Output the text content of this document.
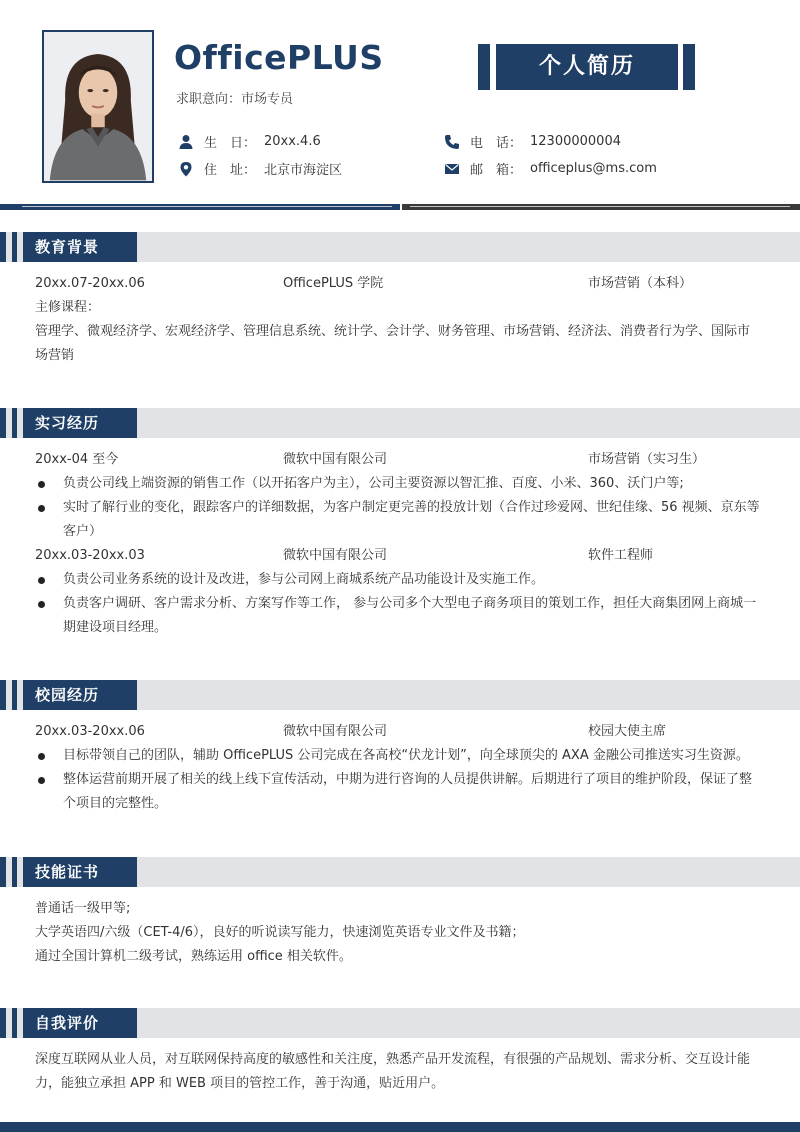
OfficePLUS
求职意向：市场专员
个人简历
生　日： 20xx.4.6
住　址： 北京市海淀区
电　话： 12300000004
邮　箱： officeplus@ms.com
教育背景
20xx.07-20xx.06	OfficePLUS 学院	市场营销（本科）
主修课程：
管理学、微观经济学、宏观经济学、管理信息系统、统计学、会计学、财务管理、市场营销、经济法、消费者行为学、国际市场营销
实习经历
20xx-04 至今	微软中国有限公司	市场营销（实习生）
负责公司线上端资源的销售工作（以开拓客户为主），公司主要资源以智汇推、百度、小米、360、沃门户等;
实时了解行业的变化，跟踪客户的详细数据，为客户制定更完善的投放计划（合作过珍爱网、世纪佳缘、56 视频、京东等客户）
20xx.03-20xx.03	微软中国有限公司	软件工程师
负责公司业务系统的设计及改进，参与公司网上商城系统产品功能设计及实施工作。
负责客户调研、客户需求分析、方案写作等工作， 参与公司多个大型电子商务项目的策划工作，担任大商集团网上商城一期建设项目经理。
校园经历
20xx.03-20xx.06	微软中国有限公司	校园大使主席
目标带领自己的团队，辅助 OfficePLUS 公司完成在各高校“伏龙计划”，向全球顶尖的 AXA 金融公司推送实习生资源。
整体运营前期开展了相关的线上线下宣传活动，中期为进行咨询的人员提供讲解。后期进行了项目的维护阶段，保证了整个项目的完整性。
技能证书
普通话一级甲等;
大学英语四/六级（CET-4/6），良好的听说读写能力，快速浏览英语专业文件及书籍；
通过全国计算机二级考试，熟练运用 office 相关软件。
自我评价
深度互联网从业人员，对互联网保持高度的敏感性和关注度，熟悉产品开发流程，有很强的产品规划、需求分析、交互设计能力，能独立承担 APP 和 WEB 项目的管控工作，善于沟通，贴近用户。
